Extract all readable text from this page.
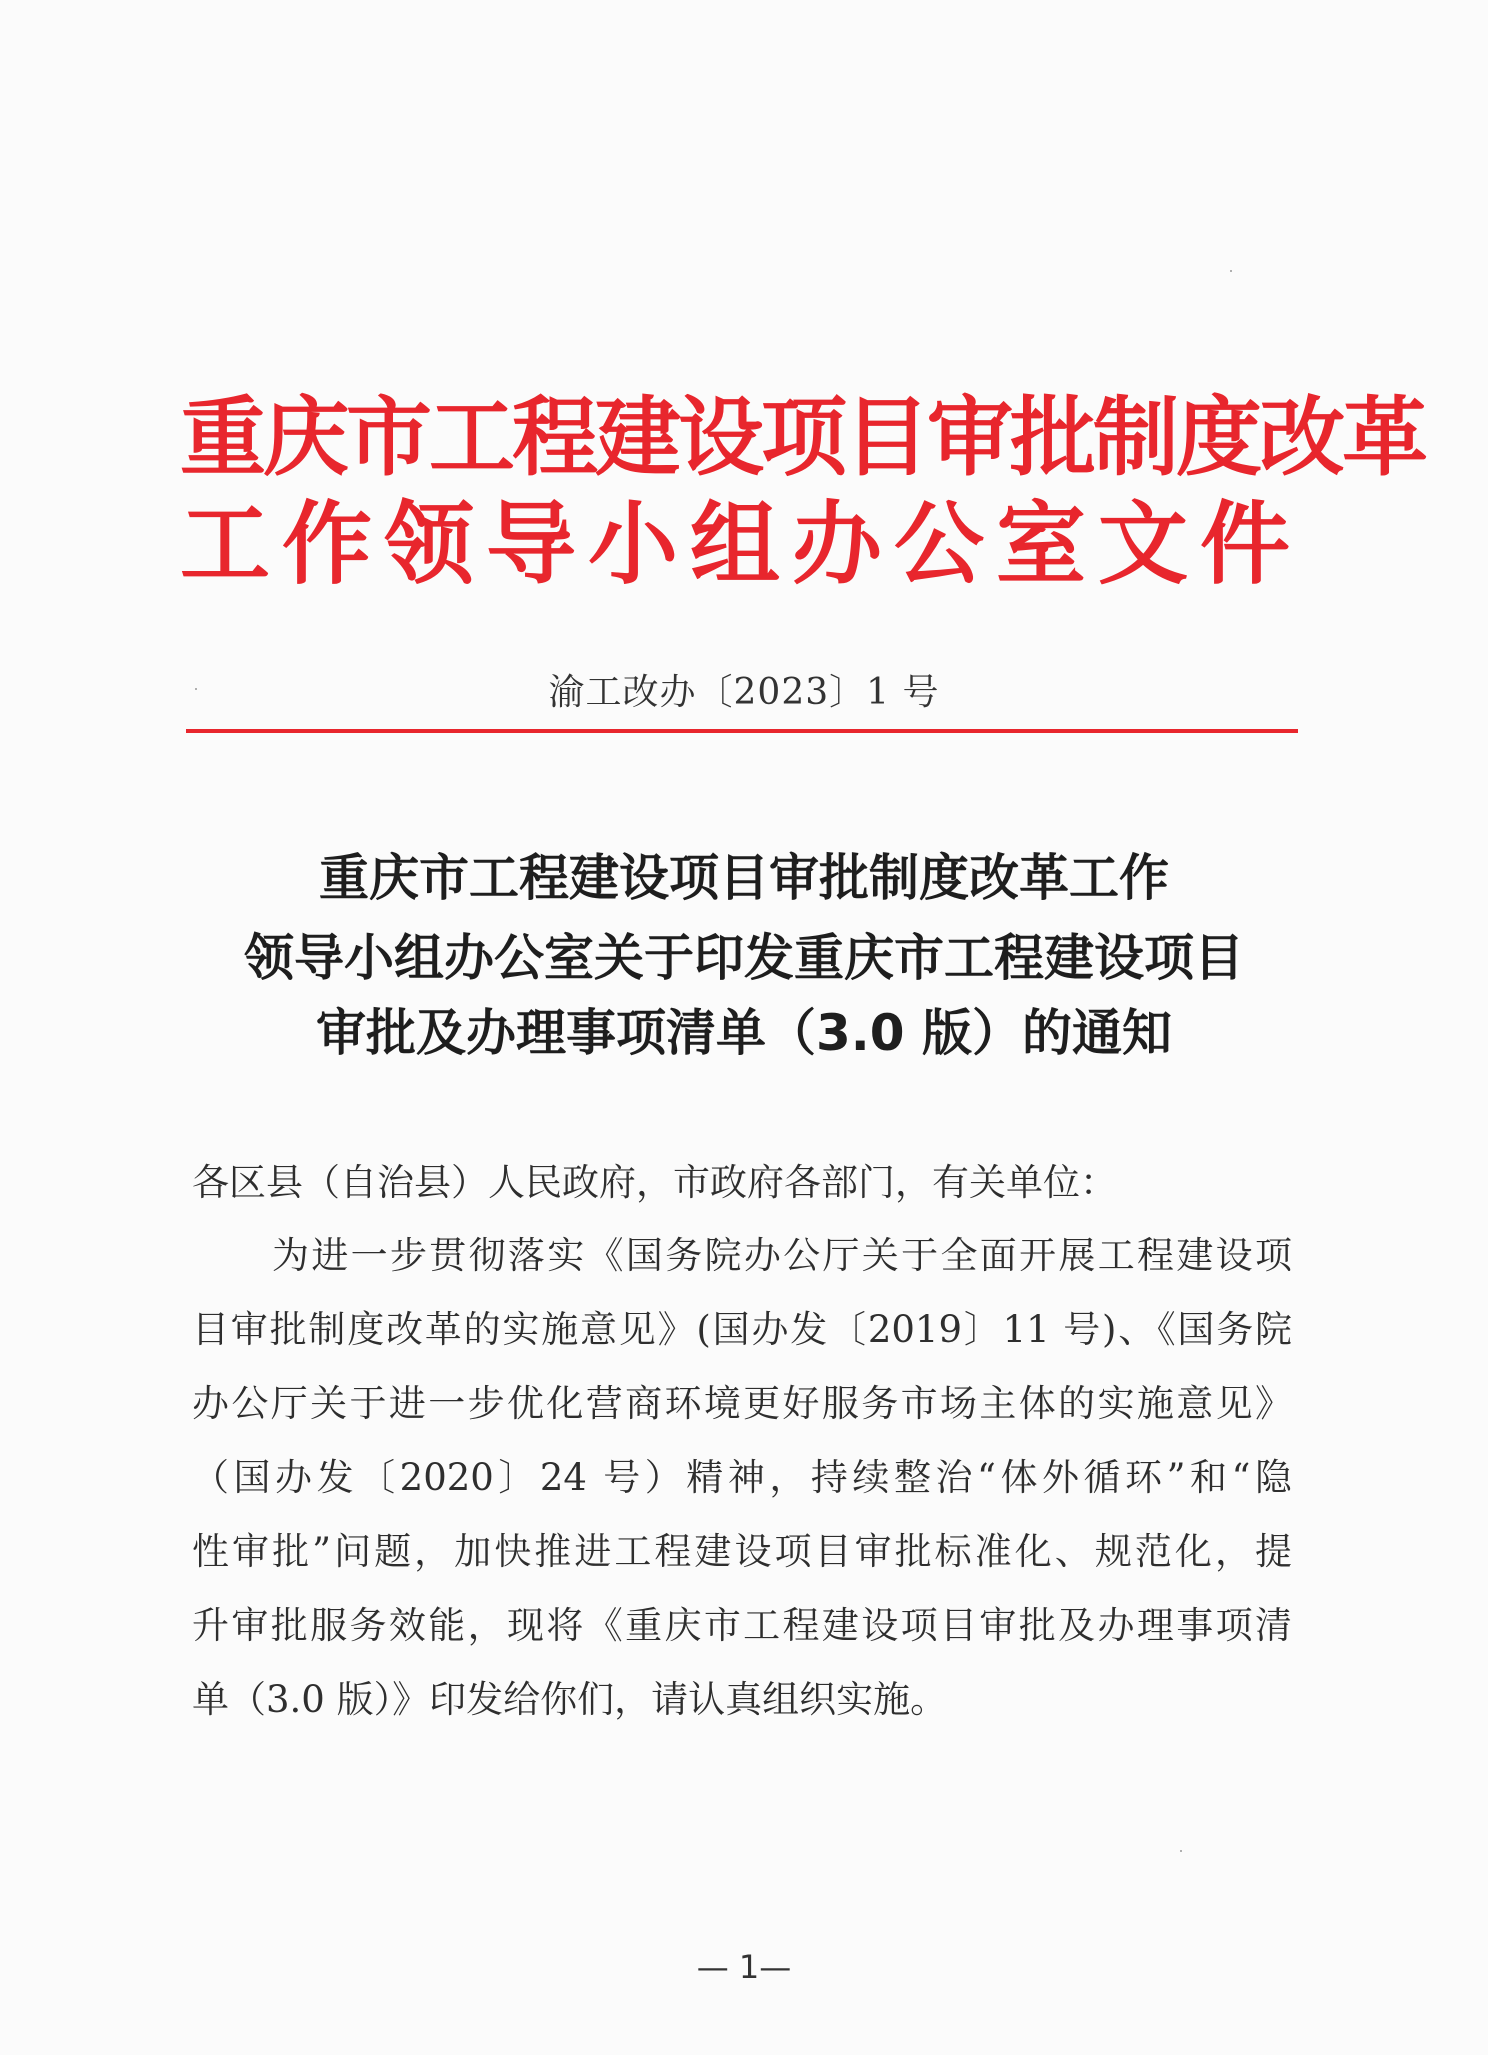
重庆市工程建设项目审批制度改革
工作领导小组办公室文件
渝工改办〔2023〕1 号
重庆市工程建设项目审批制度改革工作
领导小组办公室关于印发重庆市工程建设项目
审批及办理事项清单（3.0 版）的通知
各区县（自治县）人民政府，市政府各部门，有关单位：
为进一步贯彻落实《国务院办公厅关于全面开展工程建设项
目审批制度改革的实施意见》(国办发〔2019〕11 号)、《国务院
办公厅关于进一步优化营商环境更好服务市场主体的实施意见》
（国办发〔2020〕24 号）精神，持续整治“体外循环”和“隐
性审批”问题，加快推进工程建设项目审批标准化、规范化，提
升审批服务效能，现将《重庆市工程建设项目审批及办理事项清
单（3.0 版）》印发给你们，请认真组织实施。
— 1—
